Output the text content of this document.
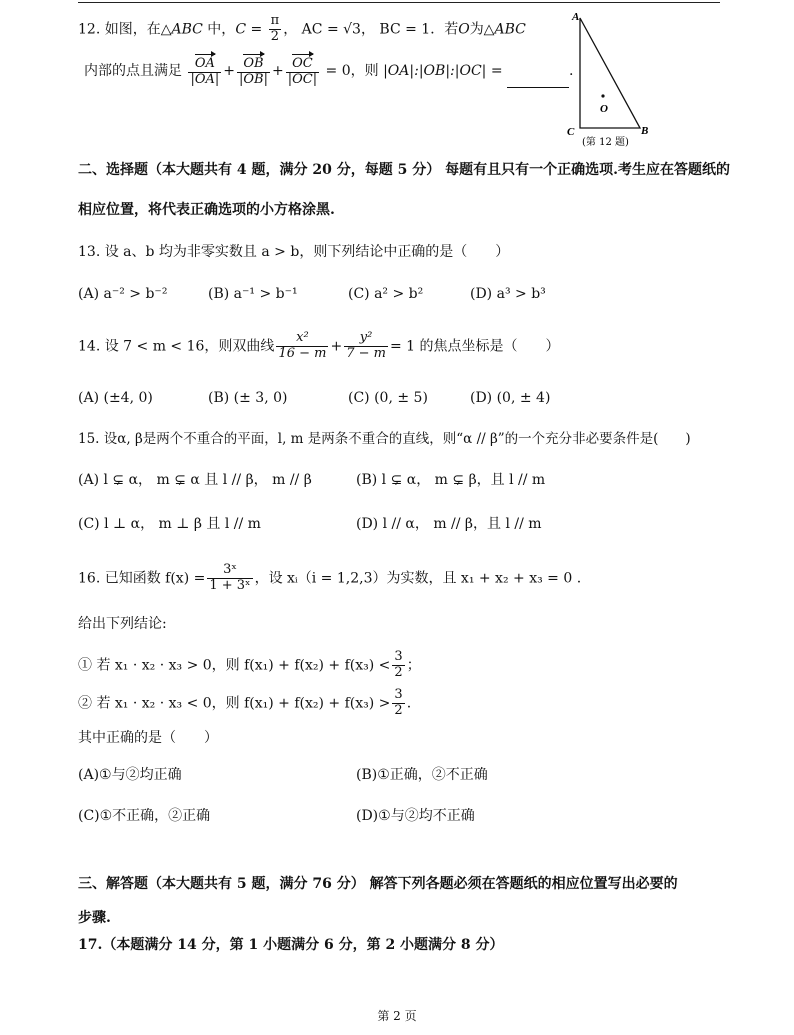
12. 如图，在△ABC 中，$C = \frac{\pi}{2}$ ， AC = √3， BC = 1．若O为△ABC
内部的点且满足 $\frac{OA}{|OA|} + \frac{OB}{|OB|} + \frac{OC}{|OC|} = 0$，则 |OA|:|OB|:|OC| =	.
A
C	B
O
(第 12 题)
二、选择题（本大题共有 4 题，满分 20 分，每题 5 分） 每题有且只有一个正确选项.考生应在答题纸的
相应位置，将代表正确选项的小方格涂黑.
13. 设 a、b 均为非零实数且 a > b，则下列结论中正确的是（　　）
(A) a⁻² > b⁻²	(B) a⁻¹ > b⁻¹	(C) a² > b²	(D) a³ > b³
14. 设 7 < m < 16，则双曲线 $\frac{\text{x²}}{16 - m} + \frac{\text{y²}}{7 - m} = 1$ 的焦点坐标是（　　）
(A) (±4, 0)	(B) (± 3, 0)	(C) (0, ± 5)	(D) (0, ± 4)
15. 设α, β是两个不重合的平面，l, m 是两条不重合的直线，则“α // β”的一个充分非必要条件是(　　)
(A) l ⊊ α， m ⊊ α 且 l // β， m // β	(B) l ⊊ α， m ⊊ β，且 l // m
(C) l ⊥ α， m ⊥ β 且 l // m	(D) l // α， m // β，且 l // m
16. 已知函数 $f(x) = \frac{\text{3ˣ}}{\text{1 + 3ˣ}}$ ，设 xᵢ（i = 1,2,3）为实数，且 x₁ + x₂ + x₃ = 0 .
给出下列结论:
① 若 x₁ · x₂ · x₃ > 0，则 $f(x_1) + f(x_2) + f(x_3) < \frac{3}{2}$ ；
② 若 x₁ · x₂ · x₃ < 0，则 $f(x_1) + f(x_2) + f(x_3) > \frac{3}{2}$ .
其中正确的是（　　）
(A)①与②均正确	(B)①正确，②不正确
(C)①不正确，②正确	(D)①与②均不正确
三、解答题（本大题共有 5 题，满分 76 分） 解答下列各题必须在答题纸的相应位置写出必要的
步骤.
17.（本题满分 14 分，第 1 小题满分 6 分，第 2 小题满分 8 分）
第 2 页
